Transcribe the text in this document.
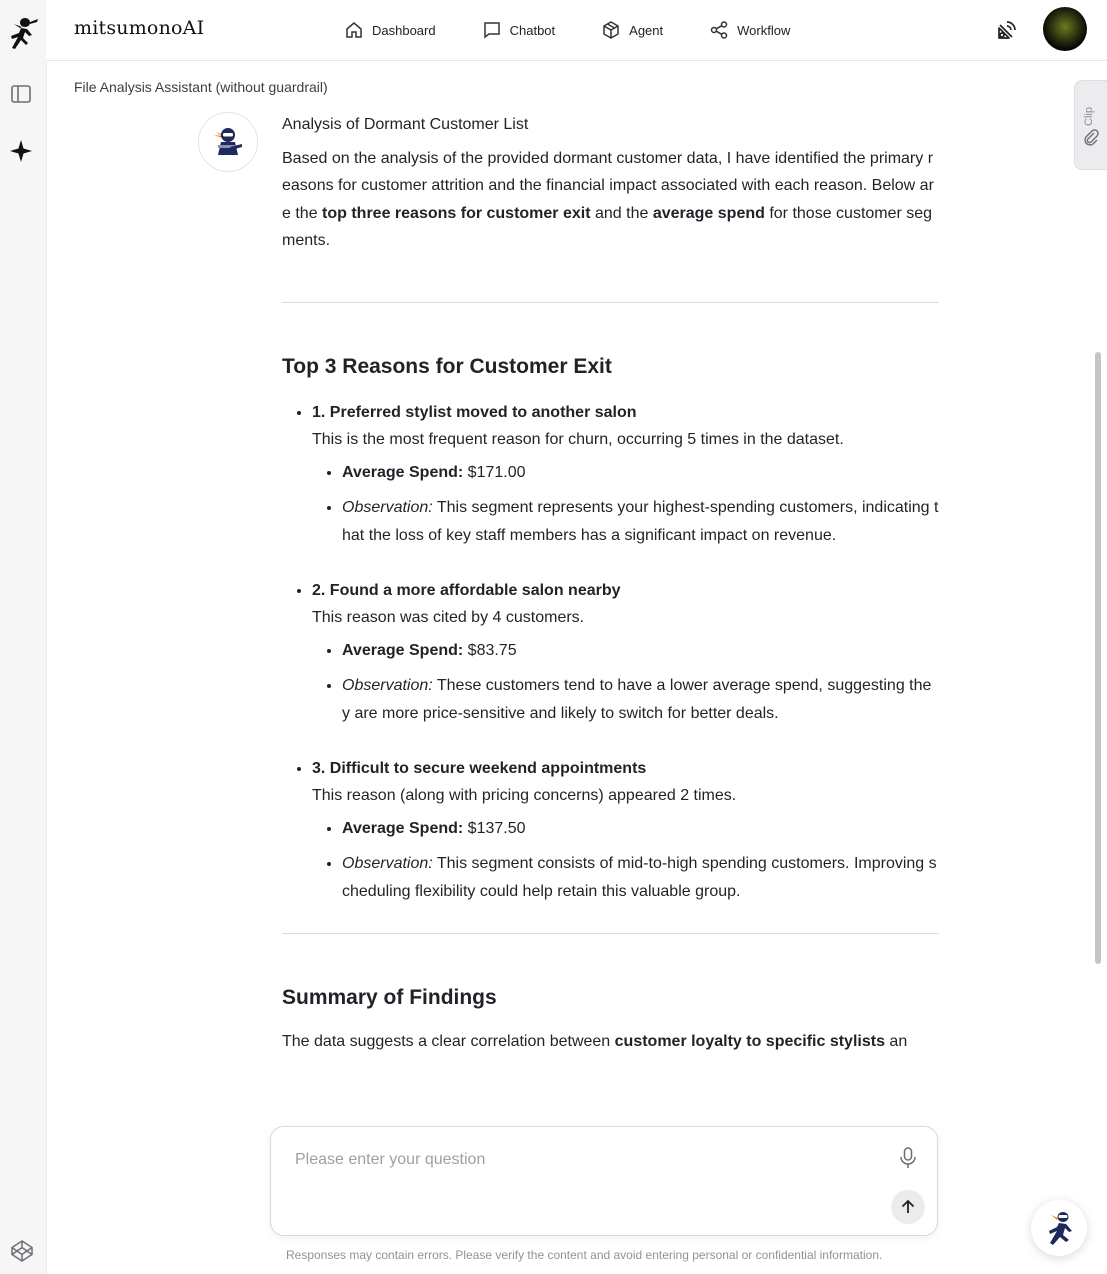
mitsumonoAI	Dashboard	Chatbot	Agent	Workflow
File Analysis Assistant (without guardrail)
Clip
Analysis of Dormant Customer List

Based on the analysis of the provided dormant customer data, I have identified the primary reasons for customer attrition and the financial impact associated with each reason. Below are the top three reasons for customer exit and the average spend for those customer segments.

Top 3 Reasons for Customer Exit
• 1. Preferred stylist moved to another salon
This is the most frequent reason for churn, occurring 5 times in the dataset.
• Average Spend: $171.00
• Observation: This segment represents your highest-spending customers, indicating that the loss of key staff members has a significant impact on revenue.
• 2. Found a more affordable salon nearby
This reason was cited by 4 customers.
• Average Spend: $83.75
• Observation: These customers tend to have a lower average spend, suggesting they are more price-sensitive and likely to switch for better deals.
• 3. Difficult to secure weekend appointments
This reason (along with pricing concerns) appeared 2 times.
• Average Spend: $137.50
• Observation: This segment consists of mid-to-high spending customers. Improving scheduling flexibility could help retain this valuable group.
Summary of Findings

The data suggests a clear correlation between customer loyalty to specific stylists an

Please enter your question
Responses may contain errors. Please verify the content and avoid entering personal or confidential information.
